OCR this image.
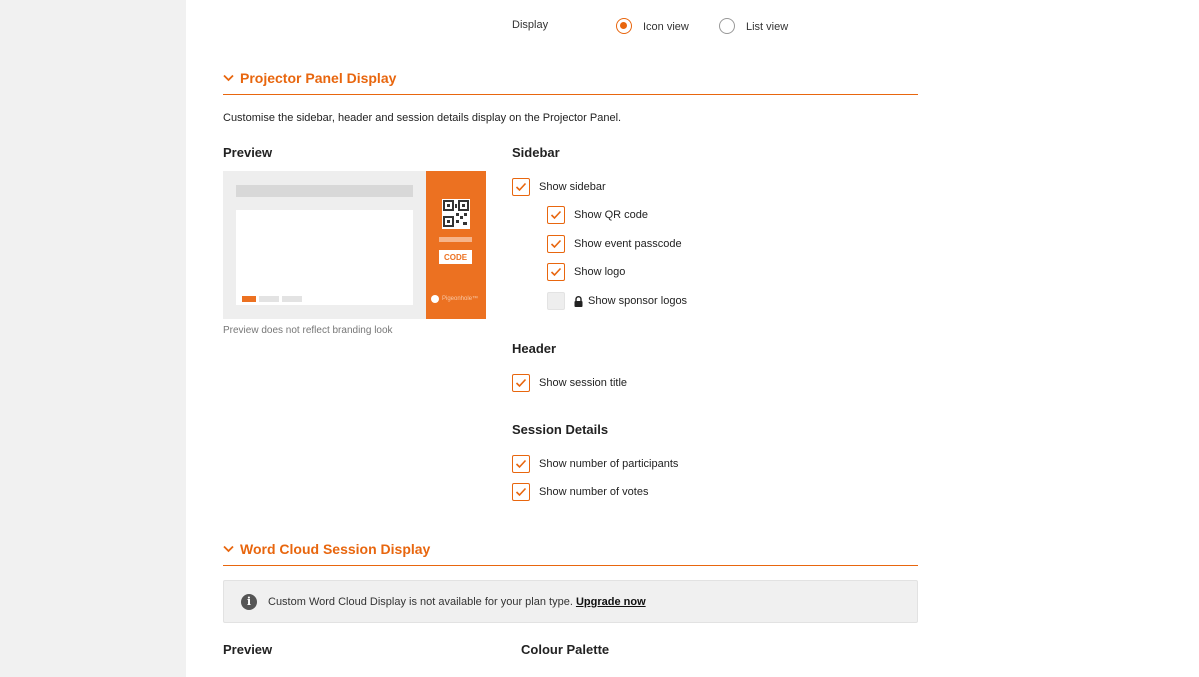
Display	Icon view	List view
Projector Panel Display
Customise the sidebar, header and session details display on the Projector Panel.
Preview
CODE
Pigeonhole™
Preview does not reflect branding look
Sidebar
Show sidebar
Show QR code
Show event passcode
Show logo
Show sponsor logos
Header
Show session title
Session Details
Show number of participants
Show number of votes
Word Cloud Session Display
i	Custom Word Cloud Display is not available for your plan type. Upgrade now
Preview	Colour Palette
